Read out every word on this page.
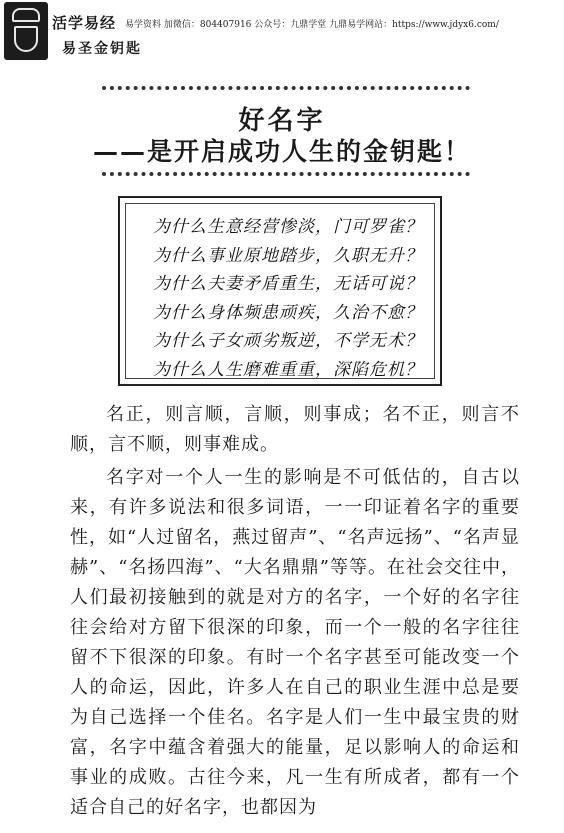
活学易经
易圣金钥匙
易学资料 加微信：804407916 公众号：九鼎学堂 九鼎易学网站：https://www.jdyx6.com/
好名字
——是开启成功人生的金钥匙！
为什么生意经营惨淡，门可罗雀？
为什么事业原地踏步，久职无升？
为什么夫妻矛盾重生，无话可说？
为什么身体频患顽疾，久治不愈？
为什么子女顽劣叛逆，不学无术？
为什么人生磨难重重，深陷危机？

名正，则言顺，言顺，则事成；名不正，则言不顺，言不顺，则事难成。

名字对一个人一生的影响是不可低估的，自古以来，有许多说法和很多词语，一一印证着名字的重要性，如“人过留名，燕过留声”、“名声远扬”、“名声显赫”、“名扬四海”、“大名鼎鼎”等等。在社会交往中，人们最初接触到的就是对方的名字，一个好的名字往往会给对方留下很深的印象，而一个一般的名字往往留不下很深的印象。有时一个名字甚至可能改变一个人的命运，因此，许多人在自己的职业生涯中总是要为自己选择一个佳名。名字是人们一生中最宝贵的财富，名字中蕴含着强大的能量，足以影响人的命运和事业的成败。古往今来，凡一生有所成者，都有一个适合自己的好名字，也都因为
